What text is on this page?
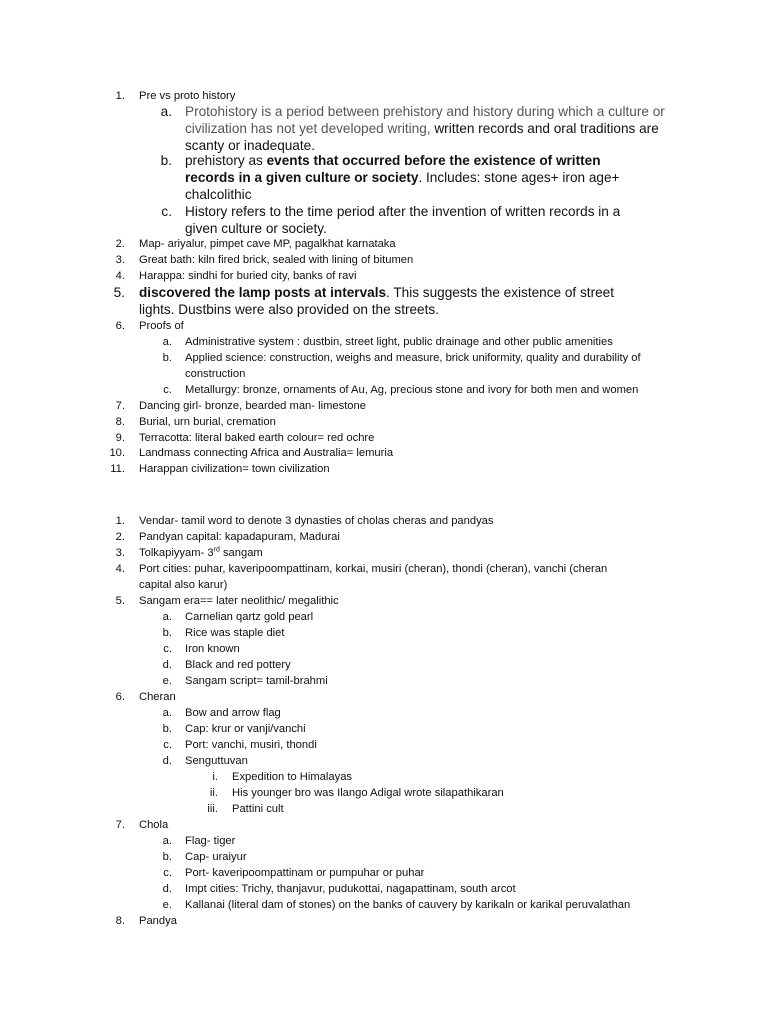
1. Pre vs proto history
a. Protohistory is a period between prehistory and history during which a culture or
civilization has not yet developed writing, written records and oral traditions are
scanty or inadequate.
b. prehistory as events that occurred before the existence of written
records in a given culture or society. Includes: stone ages+ iron age+
chalcolithic
c. History refers to the time period after the invention of written records in a
given culture or society.
2. Map- ariyalur, pimpet cave MP, pagalkhat karnataka
3. Great bath: kiln fired brick, sealed with lining of bitumen
4. Harappa: sindhi for buried city, banks of ravi
5. discovered the lamp posts at intervals. This suggests the existence of street
lights. Dustbins were also provided on the streets.
6. Proofs of
a. Administrative system : dustbin, street light, public drainage and other public amenities
b. Applied science: construction, weighs and measure, brick uniformity, quality and durability of
construction
c. Metallurgy: bronze, ornaments of Au, Ag, precious stone and ivory for both men and women
7. Dancing girl- bronze, bearded man- limestone
8. Burial, urn burial, cremation
9. Terracotta: literal baked earth colour= red ochre
10. Landmass connecting Africa and Australia= lemuria
11. Harappan civilization= town civilization
1. Vendar- tamil word to denote 3 dynasties of cholas cheras and pandyas
2. Pandyan capital: kapadapuram, Madurai
3. Tolkapiyyam- 3rd sangam
4. Port cities: puhar, kaveripoompattinam, korkai, musiri (cheran), thondi (cheran), vanchi (cheran
capital also karur)
5. Sangam era== later neolithic/ megalithic
a. Carnelian qartz gold pearl
b. Rice was staple diet
c. Iron known
d. Black and red pottery
e. Sangam script= tamil-brahmi
6. Cheran
a. Bow and arrow flag
b. Cap: krur or vanji/vanchi
c. Port: vanchi, musiri, thondi
d. Senguttuvan
i. Expedition to Himalayas
ii. His younger bro was Ilango Adigal wrote silapathikaran
iii. Pattini cult
7. Chola
a. Flag- tiger
b. Cap- uraiyur
c. Port- kaveripoompattinam or pumpuhar or puhar
d. Impt cities: Trichy, thanjavur, pudukottai, nagapattinam, south arcot
e. Kallanai (literal dam of stones) on the banks of cauvery by karikaln or karikal peruvalathan
8. Pandya
